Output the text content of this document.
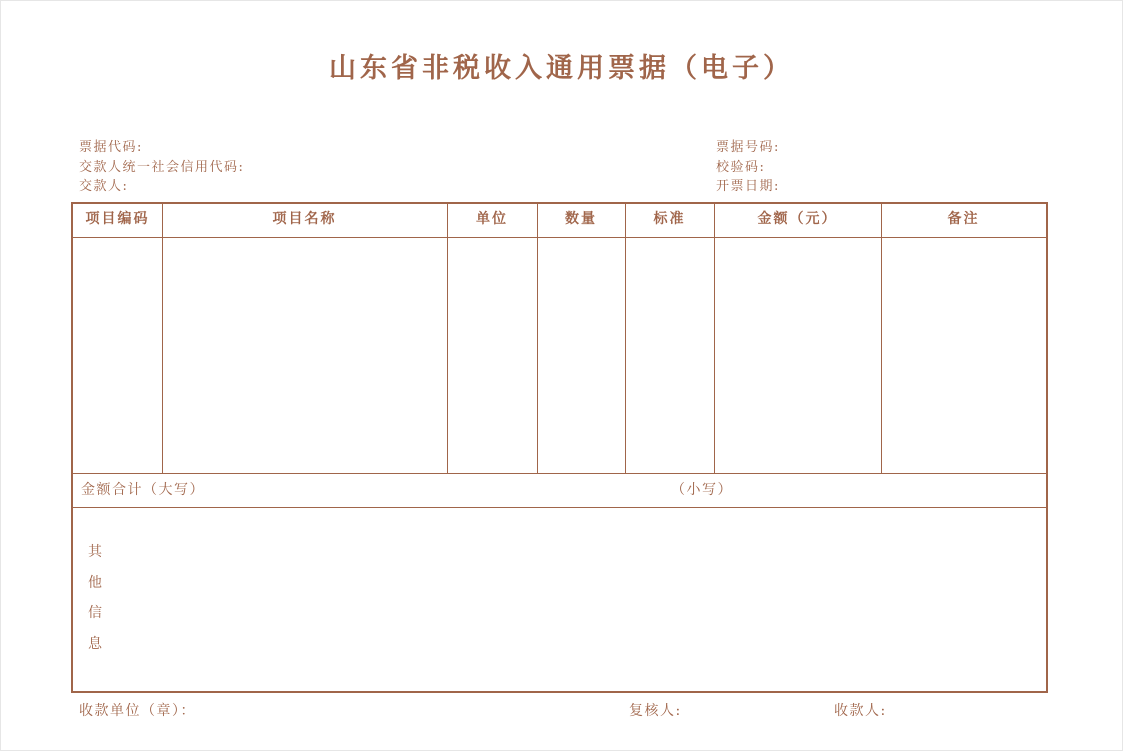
山东省非税收入通用票据（电子）
票据代码:
交款人统一社会信用代码:
交款人:
票据号码:
校验码:
开票日期:
项目编码	项目名称	单位	数量	标准	金额（元）	备注
金额合计（大写）	（小写）
其他信息
收款单位（章）：	复核人:	收款人:
